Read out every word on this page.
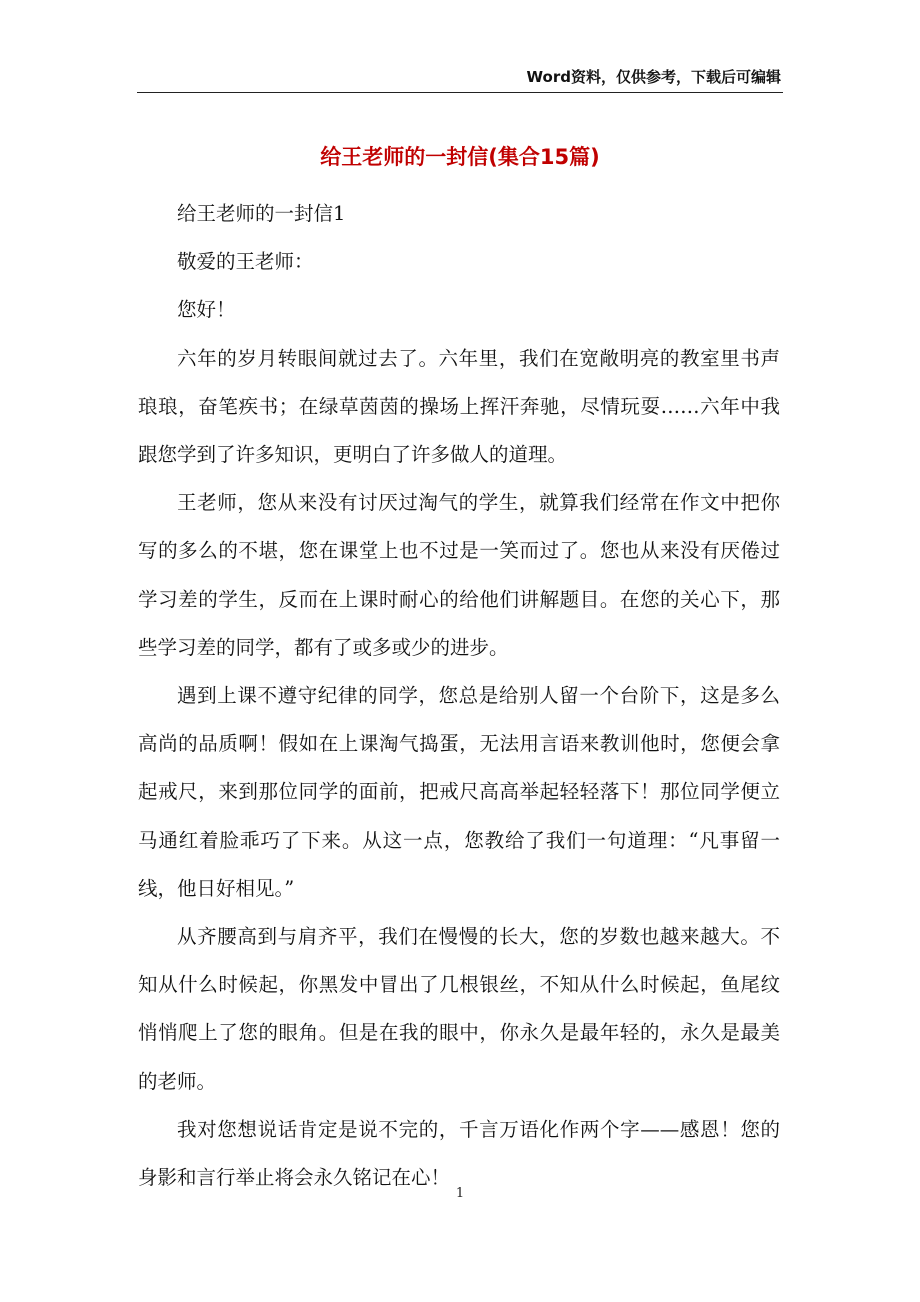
Word资料，仅供参考，下载后可编辑
给王老师的一封信(集合15篇)

给王老师的一封信1

敬爱的王老师：

您好！

六年的岁月转眼间就过去了。六年里，我们在宽敞明亮的教室里书声琅琅，奋笔疾书；在绿草茵茵的操场上挥汗奔驰，尽情玩耍……六年中我跟您学到了许多知识，更明白了许多做人的道理。

王老师，您从来没有讨厌过淘气的学生，就算我们经常在作文中把你写的多么的不堪，您在课堂上也不过是一笑而过了。您也从来没有厌倦过学习差的学生，反而在上课时耐心的给他们讲解题目。在您的关心下，那些学习差的同学，都有了或多或少的进步。

遇到上课不遵守纪律的同学，您总是给别人留一个台阶下，这是多么高尚的品质啊！假如在上课淘气捣蛋，无法用言语来教训他时，您便会拿起戒尺，来到那位同学的面前，把戒尺高高举起轻轻落下！那位同学便立马通红着脸乖巧了下来。从这一点，您教给了我们一句道理：“凡事留一线，他日好相见。”

从齐腰高到与肩齐平，我们在慢慢的长大，您的岁数也越来越大。不知从什么时候起，你黑发中冒出了几根银丝，不知从什么时候起，鱼尾纹悄悄爬上了您的眼角。但是在我的眼中，你永久是最年轻的，永久是最美的老师。

我对您想说话肯定是说不完的，千言万语化作两个字——感恩！您的身影和言行举止将会永久铭记在心！

1
